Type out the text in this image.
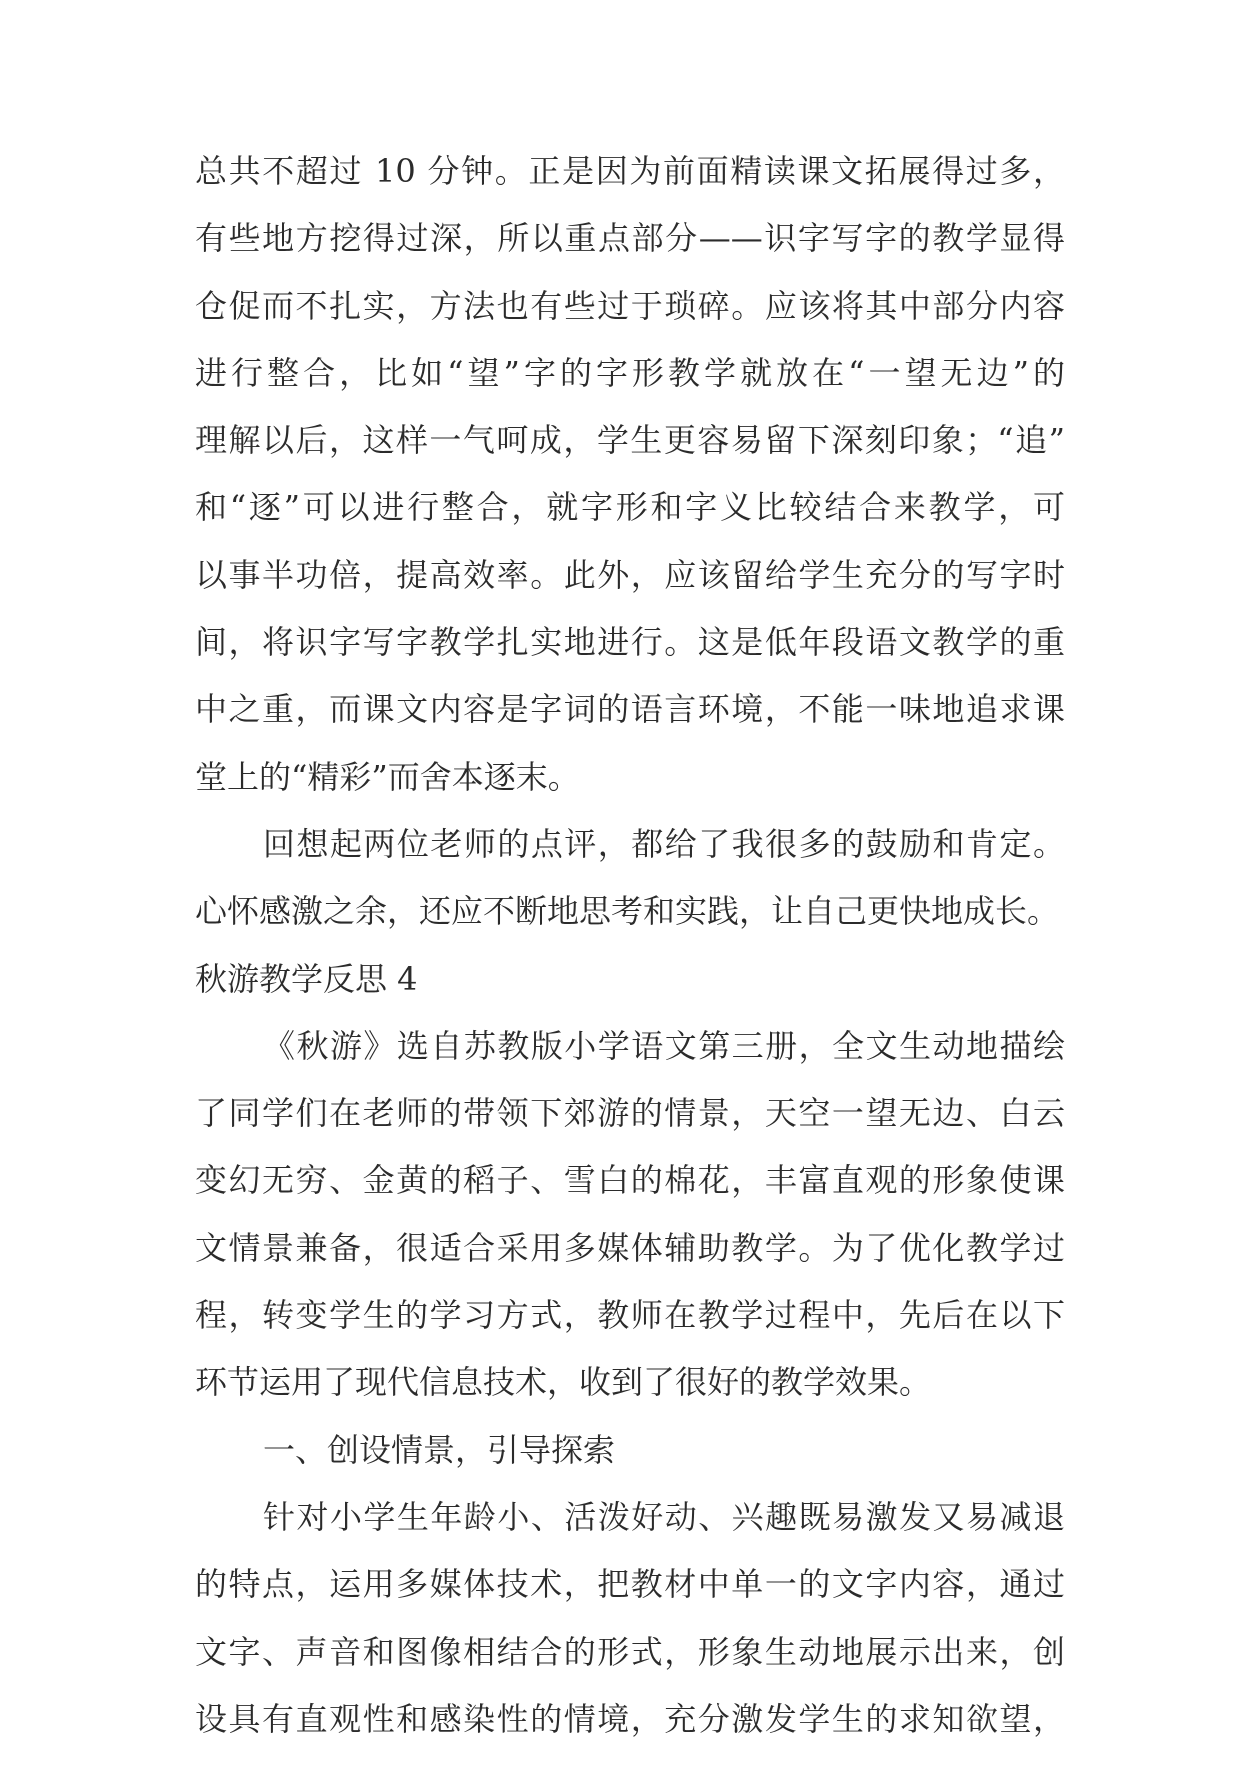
总共不超过 10 分钟。正是因为前面精读课文拓展得过多，
有些地方挖得过深，所以重点部分——识字写字的教学显得
仓促而不扎实，方法也有些过于琐碎。应该将其中部分内容
进行整合，比如“望”字的字形教学就放在“一望无边”的
理解以后，这样一气呵成，学生更容易留下深刻印象；“追”
和“逐”可以进行整合，就字形和字义比较结合来教学，可
以事半功倍，提高效率。此外，应该留给学生充分的写字时
间，将识字写字教学扎实地进行。这是低年段语文教学的重
中之重，而课文内容是字词的语言环境，不能一味地追求课
堂上的“精彩”而舍本逐末。
回想起两位老师的点评，都给了我很多的鼓励和肯定。
心怀感激之余，还应不断地思考和实践，让自己更快地成长。
秋游教学反思 4
《秋游》选自苏教版小学语文第三册，全文生动地描绘
了同学们在老师的带领下郊游的情景，天空一望无边、白云
变幻无穷、金黄的稻子、雪白的棉花，丰富直观的形象使课
文情景兼备，很适合采用多媒体辅助教学。为了优化教学过
程，转变学生的学习方式，教师在教学过程中，先后在以下
环节运用了现代信息技术，收到了很好的教学效果。
一、创设情景，引导探索
针对小学生年龄小、活泼好动、兴趣既易激发又易减退
的特点，运用多媒体技术，把教材中单一的文字内容，通过
文字、声音和图像相结合的形式，形象生动地展示出来，创
设具有直观性和感染性的情境，充分激发学生的求知欲望，
